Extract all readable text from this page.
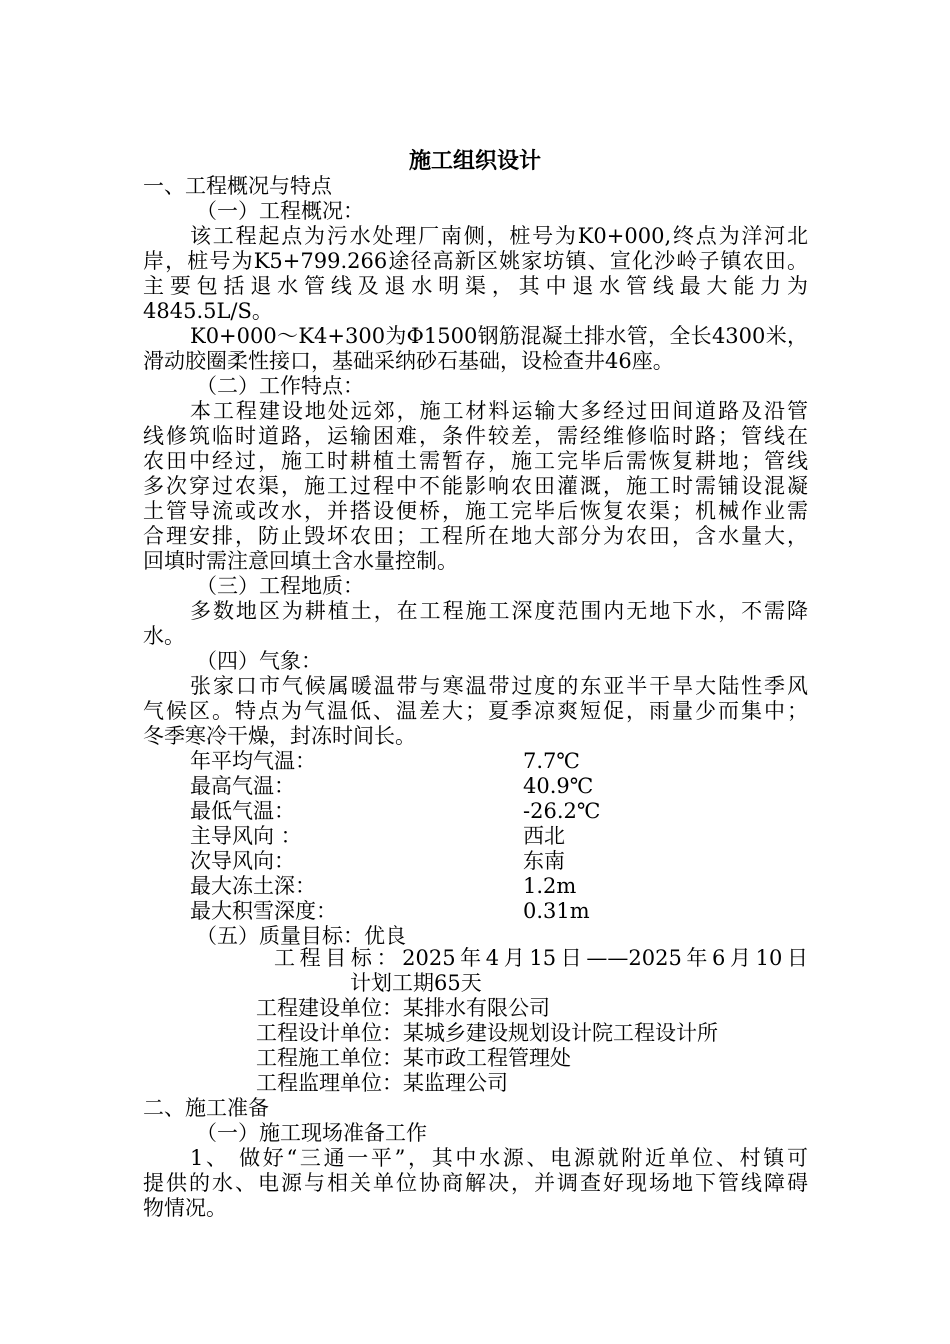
施工组织设计
一、工程概况与特点
（一）工程概况：
该工程起点为污水处理厂南侧，桩号为K0+000,终点为洋河北
岸，桩号为K5+799.266途径高新区姚家坊镇、宣化沙岭子镇农田。
主要包括退水管线及退水明渠，其中退水管线最大能力为
4845.5L/S。
K0+000～K4+300为Φ1500钢筋混凝土排水管，全长4300米，
滑动胶圈柔性接口，基础采纳砂石基础，设检查井46座。
（二）工作特点：
本工程建设地处远郊，施工材料运输大多经过田间道路及沿管
线修筑临时道路，运输困难，条件较差，需经维修临时路；管线在
农田中经过，施工时耕植土需暂存，施工完毕后需恢复耕地；管线
多次穿过农渠，施工过程中不能影响农田灌溉，施工时需铺设混凝
土管导流或改水，并搭设便桥，施工完毕后恢复农渠；机械作业需
合理安排，防止毁坏农田；工程所在地大部分为农田，含水量大，
回填时需注意回填土含水量控制。
（三）工程地质：
多数地区为耕植土，在工程施工深度范围内无地下水，不需降
水。
（四）气象：
张家口市气候属暖温带与寒温带过度的东亚半干旱大陆性季风
气候区。特点为气温低、温差大；夏季凉爽短促，雨量少而集中；
冬季寒冷干燥，封冻时间长。
年平均气温：	7.7℃
最高气温：	40.9℃
最低气温：	-26.2℃
主导风向 ：	西北
次导风向：	东南
最大冻土深：	1.2m
最大积雪深度：	0.31m
（五）质量目标：优良
工程目标：2025年4月15日——2025年6月10日
计划工期65天
工程建设单位：某排水有限公司
工程设计单位：某城乡建设规划设计院工程设计所
工程施工单位：某市政工程管理处
工程监理单位：某监理公司
二、施工准备
（一）施工现场准备工作
1、 做好“三通一平”，其中水源、电源就附近单位、村镇可
提供的水、电源与相关单位协商解决，并调查好现场地下管线障碍
物情况。
